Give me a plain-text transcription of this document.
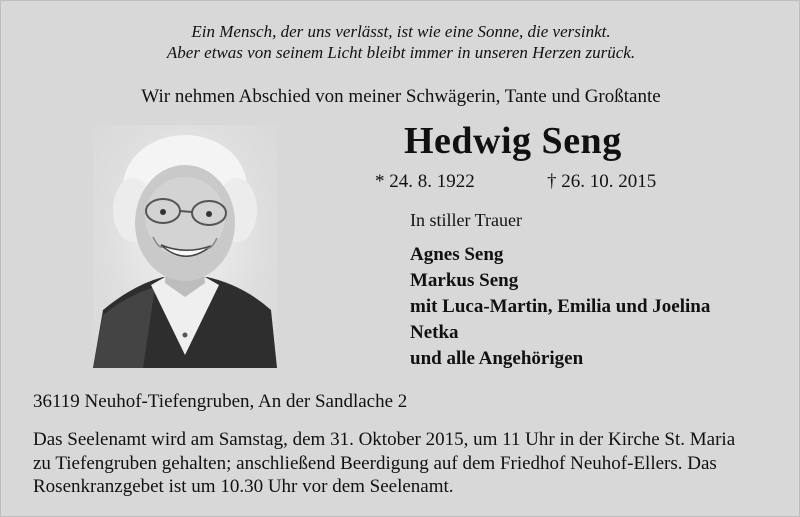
Ein Mensch, der uns verlässt, ist wie eine Sonne, die versinkt.
Aber etwas von seinem Licht bleibt immer in unseren Herzen zurück.
Wir nehmen Abschied von meiner Schwägerin, Tante und Großtante
Hedwig Seng
* 24. 8. 1922	† 26. 10. 2015
In stiller Trauer
Agnes Seng
Markus Seng
mit Luca-Martin, Emilia und Joelina
Netka
und alle Angehörigen
36119 Neuhof-Tiefengruben, An der Sandlache 2
Das Seelenamt wird am Samstag, dem 31. Oktober 2015, um 11 Uhr in der Kirche St. Maria
zu Tiefengruben gehalten; anschließend Beerdigung auf dem Friedhof Neuhof-Ellers. Das
Rosenkranzgebet ist um 10.30 Uhr vor dem Seelenamt.
